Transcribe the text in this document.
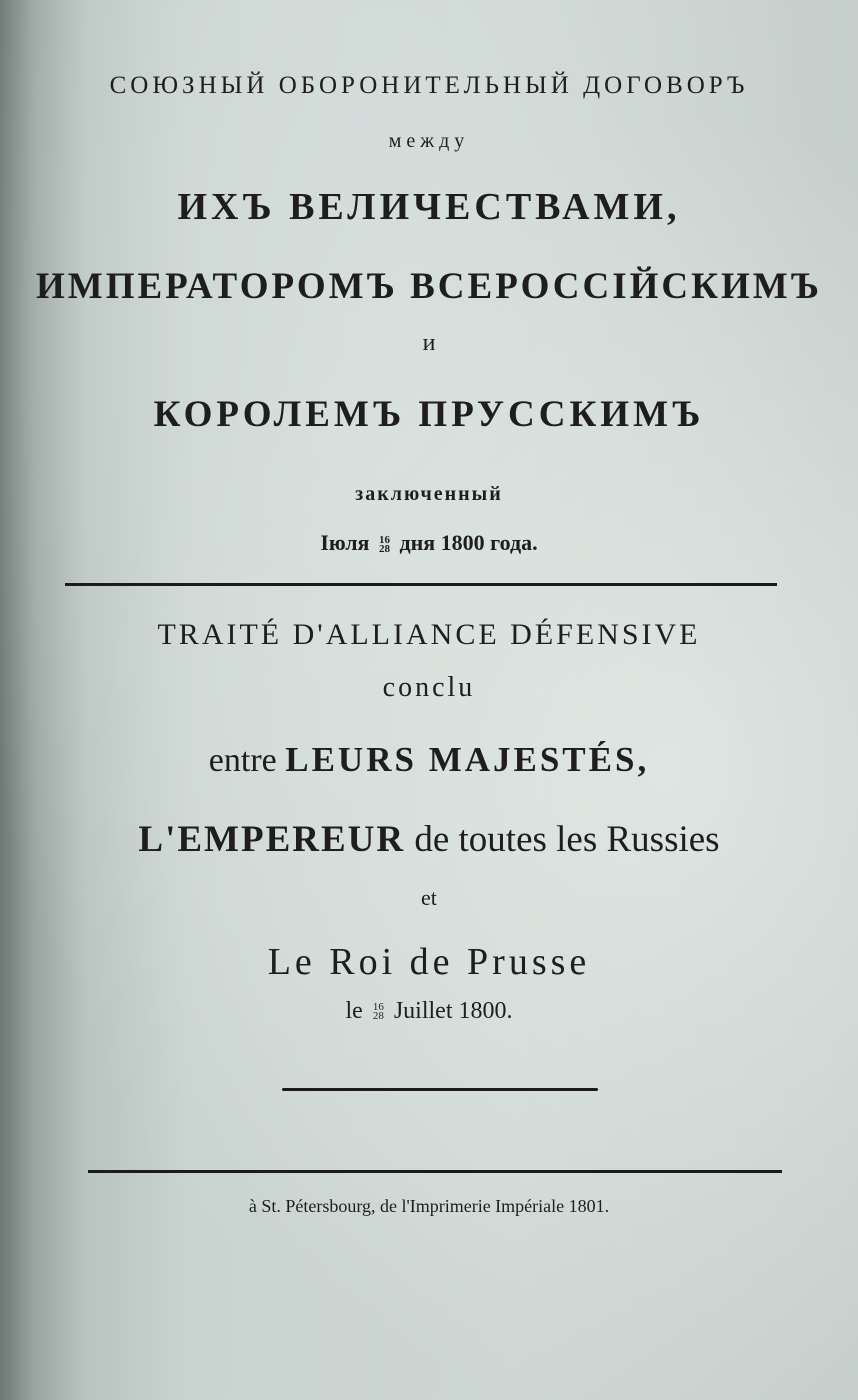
СОЮЗНЫЙ ОБОРОНИТЕЛЬНЫЙ ДОГОВОРЪ
между
ИХЪ ВЕЛИЧЕСТВАМИ,
ИМПЕРАТОРОМЪ ВСЕРОССІЙСКИМЪ
и
КОРОЛЕМЪ ПРУССКИМЪ
заключенный
Іюля 16
28 дня 1800 года.
TRAITÉ D'ALLIANCE DÉFENSIVE
conclu
entre LEURS MAJESTÉS,
L'EMPEREUR de toutes les Russies
et
Le Roi de Prusse
le 16
28 Juillet 1800.
à St. Pétersbourg, de l'Imprimerie Impériale 1801.
